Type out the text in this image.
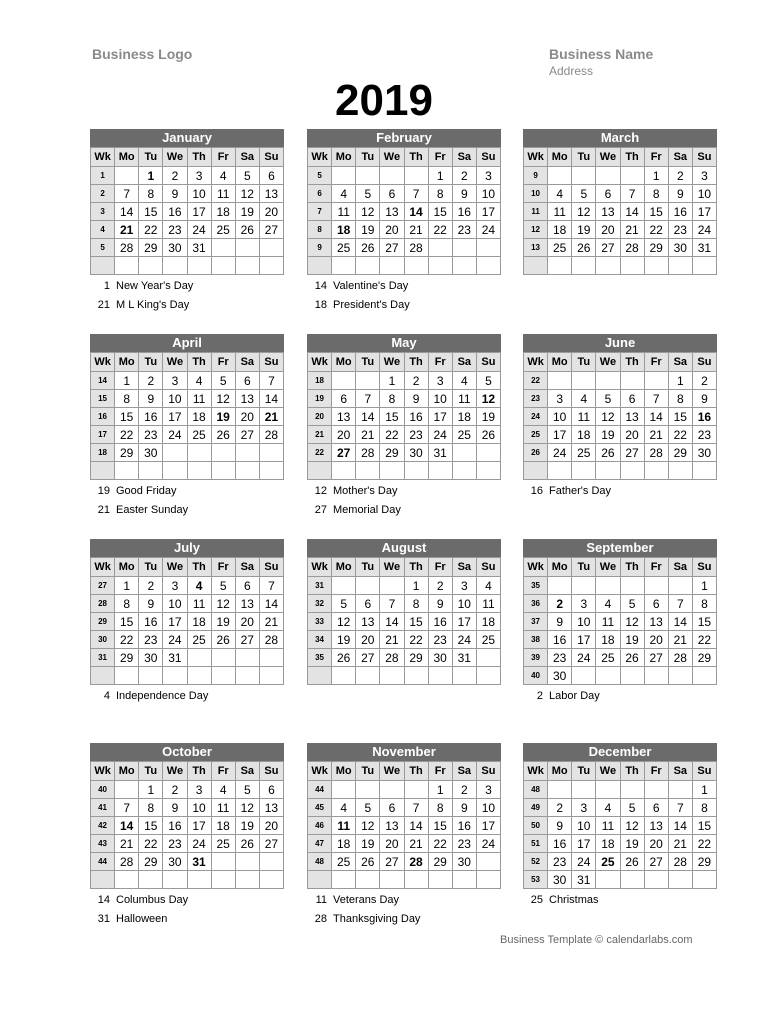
Business Logo	Business Name
Address
2019
January
Wk	Mo	Tu	We	Th	Fr	Sa	Su
1		1	2	3	4	5	6
2	7	8	9	10	11	12	13
3	14	15	16	17	18	19	20
4	21	22	23	24	25	26	27
5	28	29	30	31			

1 New Year's Day
21 M L King's Day
February
Wk	Mo	Tu	We	Th	Fr	Sa	Su
5					1	2	3
6	4	5	6	7	8	9	10
7	11	12	13	14	15	16	17
8	18	19	20	21	22	23	24
9	25	26	27	28			

14 Valentine's Day
18 President's Day
March
Wk	Mo	Tu	We	Th	Fr	Sa	Su
9					1	2	3
10	4	5	6	7	8	9	10
11	11	12	13	14	15	16	17
12	18	19	20	21	22	23	24
13	25	26	27	28	29	30	31

April
Wk	Mo	Tu	We	Th	Fr	Sa	Su
14	1	2	3	4	5	6	7
15	8	9	10	11	12	13	14
16	15	16	17	18	19	20	21
17	22	23	24	25	26	27	28
18	29	30					

19 Good Friday
21 Easter Sunday
May
Wk	Mo	Tu	We	Th	Fr	Sa	Su
18			1	2	3	4	5
19	6	7	8	9	10	11	12
20	13	14	15	16	17	18	19
21	20	21	22	23	24	25	26
22	27	28	29	30	31		

12 Mother's Day
27 Memorial Day
June
Wk	Mo	Tu	We	Th	Fr	Sa	Su
22						1	2
23	3	4	5	6	7	8	9
24	10	11	12	13	14	15	16
25	17	18	19	20	21	22	23
26	24	25	26	27	28	29	30

16 Father's Day
July
Wk	Mo	Tu	We	Th	Fr	Sa	Su
27	1	2	3	4	5	6	7
28	8	9	10	11	12	13	14
29	15	16	17	18	19	20	21
30	22	23	24	25	26	27	28
31	29	30	31				

4 Independence Day
August
Wk	Mo	Tu	We	Th	Fr	Sa	Su
31				1	2	3	4
32	5	6	7	8	9	10	11
33	12	13	14	15	16	17	18
34	19	20	21	22	23	24	25
35	26	27	28	29	30	31	

September
Wk	Mo	Tu	We	Th	Fr	Sa	Su
35							1
36	2	3	4	5	6	7	8
37	9	10	11	12	13	14	15
38	16	17	18	19	20	21	22
39	23	24	25	26	27	28	29
40	30						
2 Labor Day
October
Wk	Mo	Tu	We	Th	Fr	Sa	Su
40		1	2	3	4	5	6
41	7	8	9	10	11	12	13
42	14	15	16	17	18	19	20
43	21	22	23	24	25	26	27
44	28	29	30	31			

14 Columbus Day
31 Halloween
November
Wk	Mo	Tu	We	Th	Fr	Sa	Su
44					1	2	3
45	4	5	6	7	8	9	10
46	11	12	13	14	15	16	17
47	18	19	20	21	22	23	24
48	25	26	27	28	29	30	

11 Veterans Day
28 Thanksgiving Day
December
Wk	Mo	Tu	We	Th	Fr	Sa	Su
48							1
49	2	3	4	5	6	7	8
50	9	10	11	12	13	14	15
51	16	17	18	19	20	21	22
52	23	24	25	26	27	28	29
53	30	31					
25 Christmas
Business Template © calendarlabs.com
